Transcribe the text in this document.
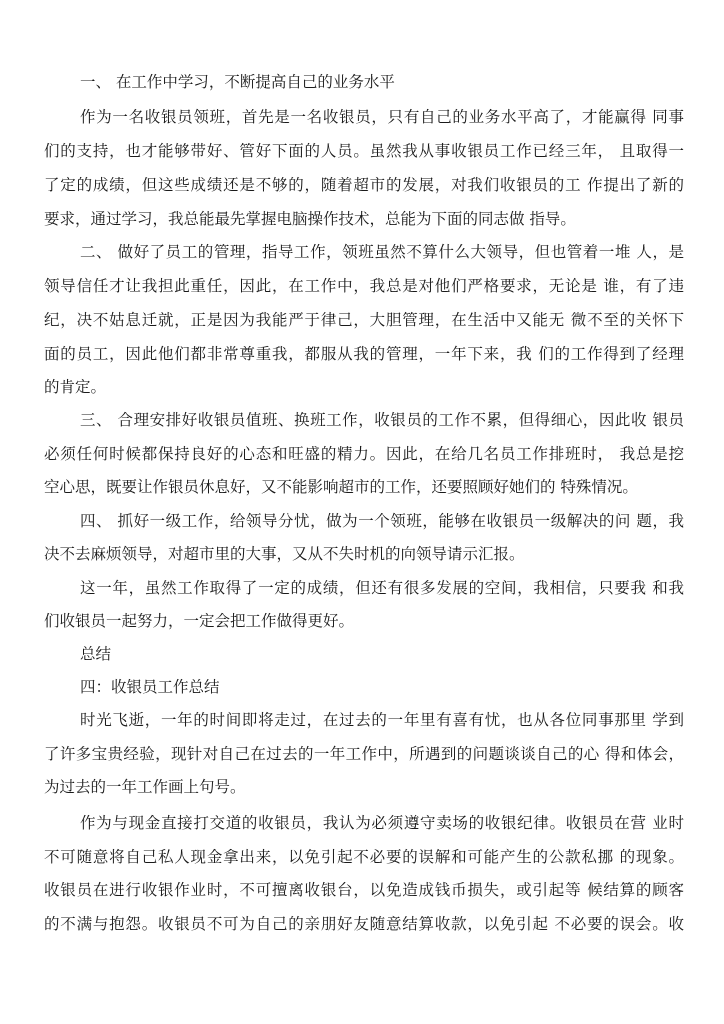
一、 在工作中学习，不断提高自己的业务水平
作为一名收银员领班，首先是一名收银员，只有自己的业务水平高了，才能赢得 同事
们的支持，也才能够带好、管好下面的人员。虽然我从事收银员工作已经三年， 且取得一
了定的成绩，但这些成绩还是不够的，随着超市的发展，对我们收银员的工 作提出了新的
要求，通过学习，我总能最先掌握电脑操作技术，总能为下面的同志做 指导。
二、 做好了员工的管理，指导工作，领班虽然不算什么大领导，但也管着一堆 人，是
领导信任才让我担此重任，因此，在工作中，我总是对他们严格要求，无论是 谁，有了违
纪，决不姑息迁就，正是因为我能严于律己，大胆管理，在生活中又能无 微不至的关怀下
面的员工，因此他们都非常尊重我，都服从我的管理，一年下来，我 们的工作得到了经理
的肯定。
三、 合理安排好收银员值班、换班工作，收银员的工作不累，但得细心，因此收 银员
必须任何时候都保持良好的心态和旺盛的精力。因此，在给几名员工作排班时， 我总是挖
空心思，既要让作银员休息好，又不能影响超市的工作，还要照顾好她们的 特殊情况。
四、 抓好一级工作，给领导分忧，做为一个领班，能够在收银员一级解决的问 题，我
决不去麻烦领导，对超市里的大事，又从不失时机的向领导请示汇报。
这一年，虽然工作取得了一定的成绩，但还有很多发展的空间，我相信，只要我 和我
们收银员一起努力，一定会把工作做得更好。
总结
四：收银员工作总结
时光飞逝，一年的时间即将走过，在过去的一年里有喜有忧，也从各位同事那里 学到
了许多宝贵经验，现针对自己在过去的一年工作中，所遇到的问题谈谈自己的心 得和体会，
为过去的一年工作画上句号。
作为与现金直接打交道的收银员，我认为必须遵守卖场的收银纪律。收银员在营 业时
不可随意将自己私人现金拿出来，以免引起不必要的误解和可能产生的公款私挪 的现象。
收银员在进行收银作业时，不可擅离收银台，以免造成钱币损失，或引起等 候结算的顾客
的不满与抱怨。收银员不可为自己的亲朋好友随意结算收款，以免引起 不必要的误会。收
